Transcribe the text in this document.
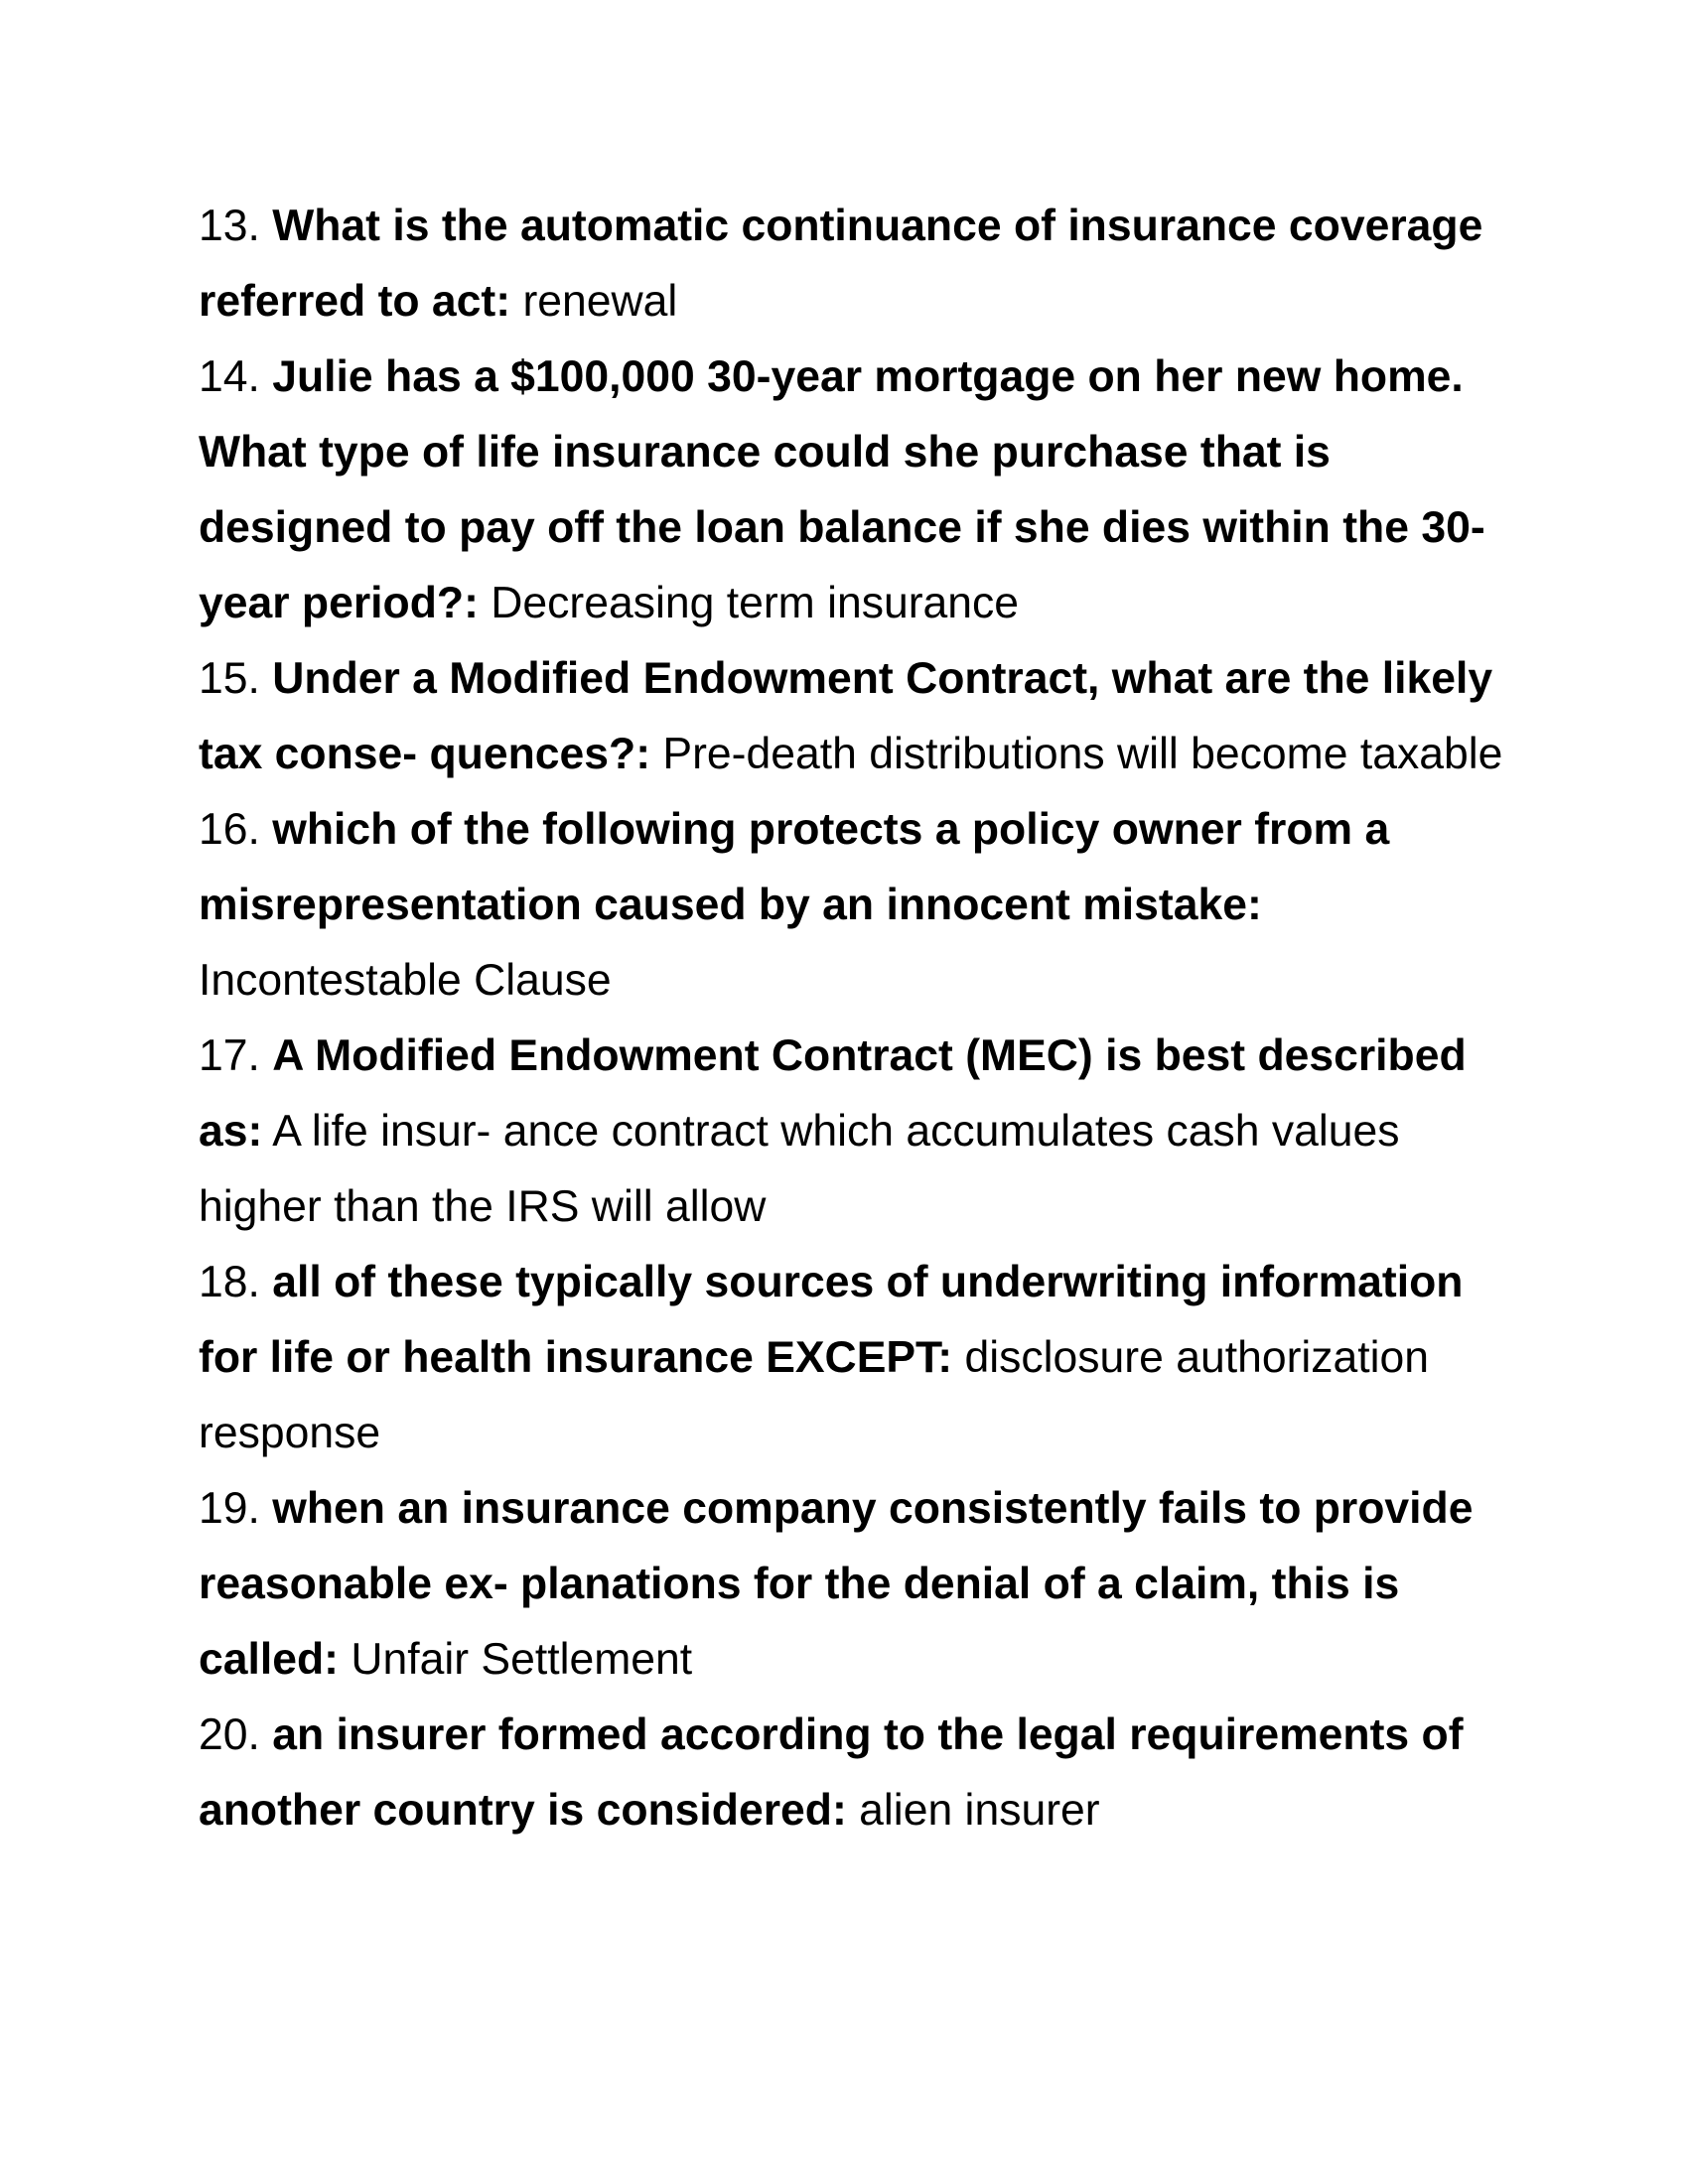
13. What is the automatic continuance of insurance coverage referred to act: renewal

14. Julie has a $100,000 30-year mortgage on her new home. What type of life insurance could she purchase that is designed to pay off the loan balance if she dies within the 30-year period?: Decreasing term insurance

15. Under a Modified Endowment Contract, what are the likely tax conse- quences?: Pre-death distributions will become taxable

16. which of the following protects a policy owner from a misrepresentation caused by an innocent mistake: Incontestable Clause

17. A Modified Endowment Contract (MEC) is best described as: A life insur- ance contract which accumulates cash values higher than the IRS will allow

18. all of these typically sources of underwriting information for life or health insurance EXCEPT: disclosure authorization response

19. when an insurance company consistently fails to provide reasonable ex- planations for the denial of a claim, this is called: Unfair Settlement

20. an insurer formed according to the legal requirements of another country is considered: alien insurer
